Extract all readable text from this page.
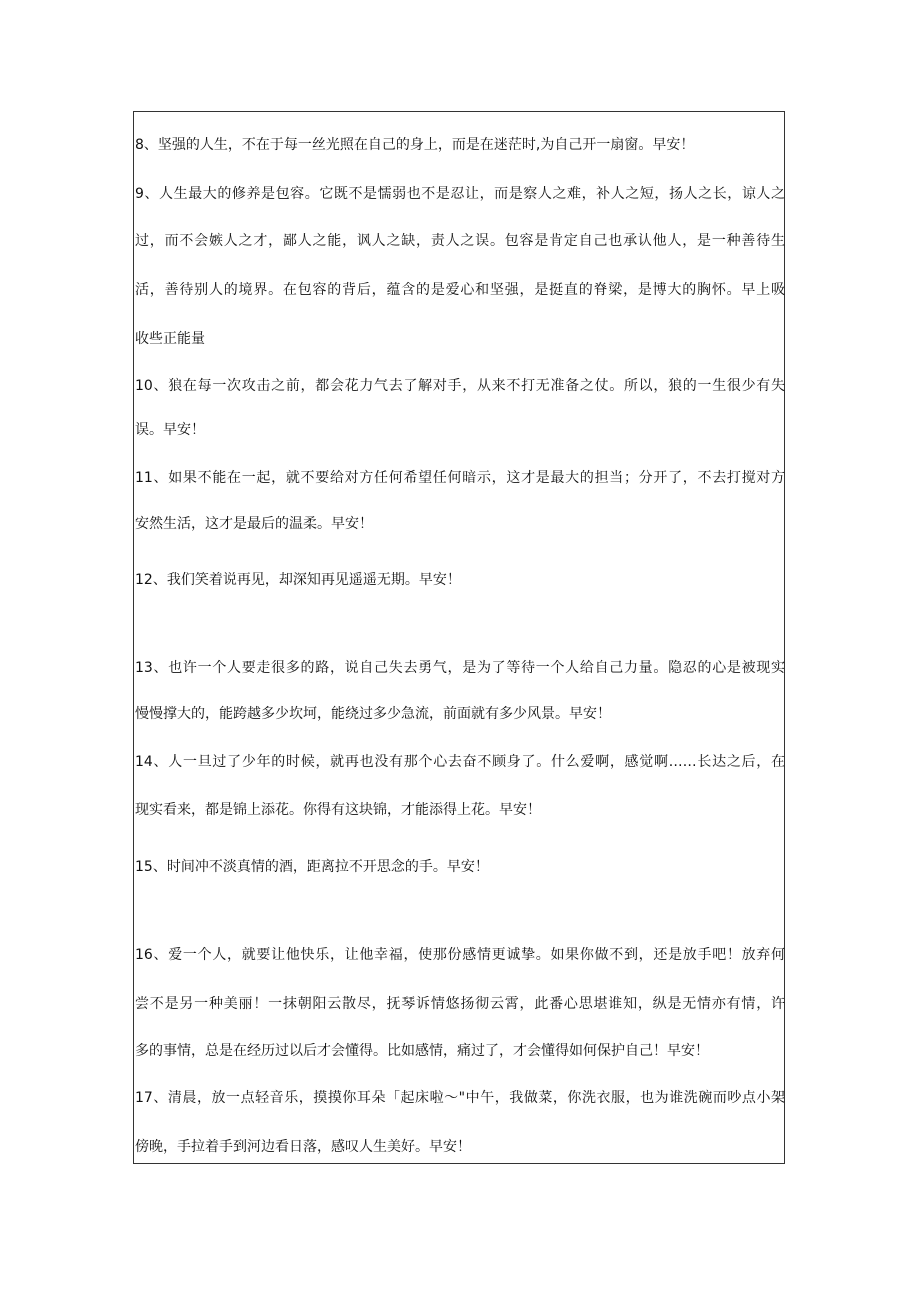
8、坚强的人生，不在于每一丝光照在自己的身上，而是在迷茫时,为自己开一扇窗。早安！
9、人生最大的修养是包容。它既不是懦弱也不是忍让，而是察人之难，补人之短，扬人之长，谅人之
过，而不会嫉人之才，鄙人之能，讽人之缺，责人之误。包容是肯定自己也承认他人，是一种善待生
活，善待别人的境界。在包容的背后，蕴含的是爱心和坚强，是挺直的脊梁，是博大的胸怀。早上吸
收些正能量
10、狼在每一次攻击之前，都会花力气去了解对手，从来不打无准备之仗。所以，狼的一生很少有失
误。早安！
11、如果不能在一起，就不要给对方任何希望任何暗示，这才是最大的担当；分开了，不去打搅对方
安然生活，这才是最后的温柔。早安！
12、我们笑着说再见，却深知再见遥遥无期。早安！
13、也许一个人要走很多的路，说自己失去勇气，是为了等待一个人给自己力量。隐忍的心是被现实
慢慢撑大的，能跨越多少坎坷，能绕过多少急流，前面就有多少风景。早安！
14、人一旦过了少年的时候，就再也没有那个心去奋不顾身了。什么爱啊，感觉啊……长达之后，在
现实看来，都是锦上添花。你得有这块锦，才能添得上花。早安！
15、时间冲不淡真情的酒，距离拉不开思念的手。早安！
16、爱一个人，就要让他快乐，让他幸福，使那份感情更诚挚。如果你做不到，还是放手吧！放弃何
尝不是另一种美丽！一抹朝阳云散尽，抚琴诉情悠扬彻云霄，此番心思堪谁知，纵是无情亦有情，许
多的事情，总是在经历过以后才会懂得。比如感情，痛过了，才会懂得如何保护自己！早安！
17、清晨，放一点轻音乐，摸摸你耳朵「起床啦～"中午，我做菜，你洗衣服，也为谁洗碗而吵点小架
傍晚，手拉着手到河边看日落，感叹人生美好。早安！
